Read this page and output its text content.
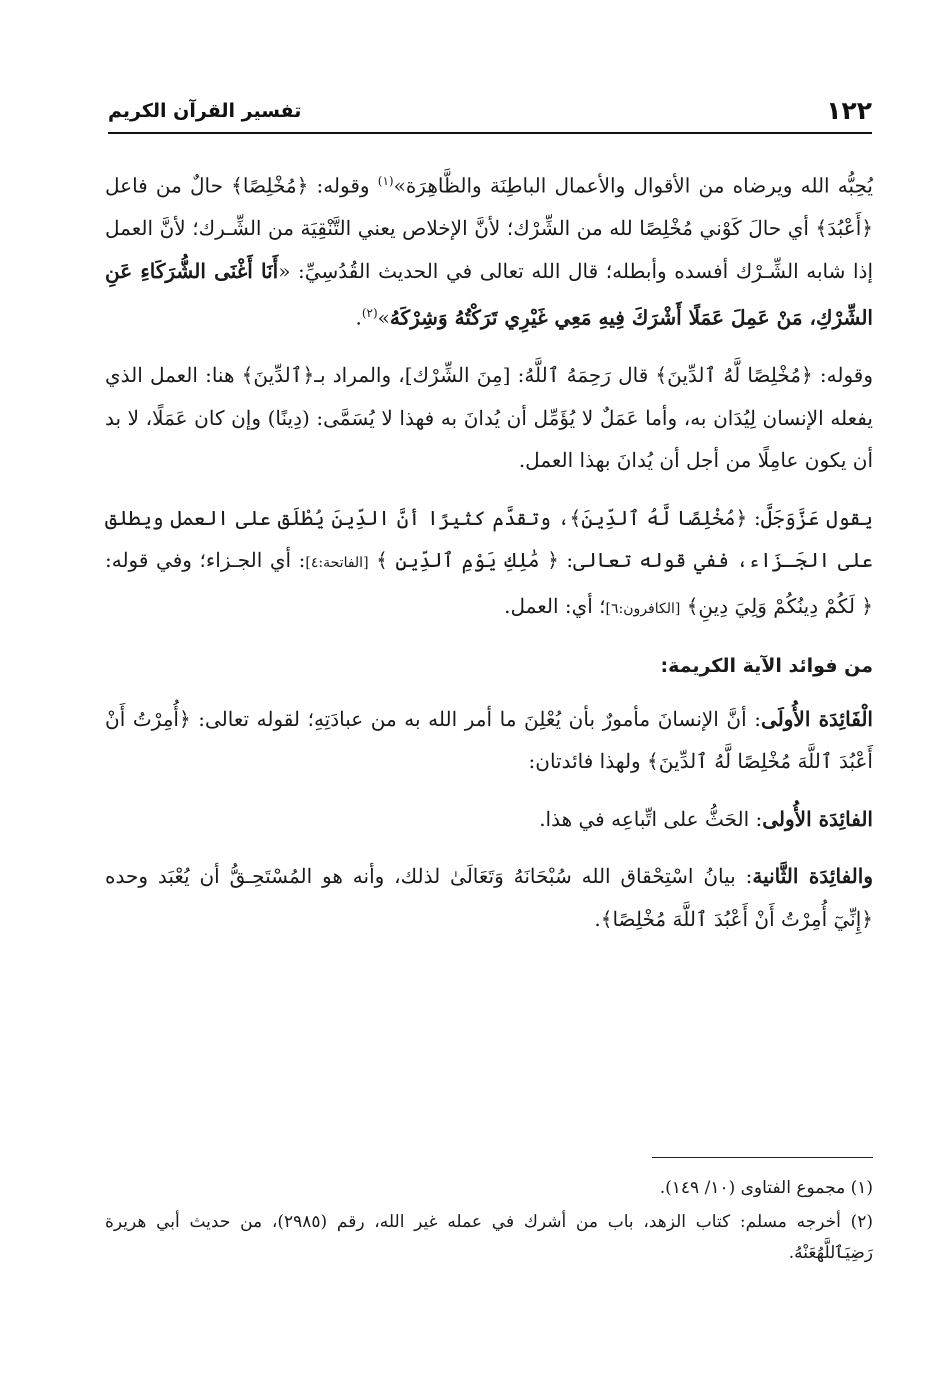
١٢٢
تفسير القرآن الكريم

يُحِبُّه الله ويرضاه من الأقوال والأعمال الباطِنَة والظَّاهِرَة»$^{(١)}$ وقوله: ﴿مُخْلِصًا﴾ حالٌ من فاعل ﴿أَعْبُدَ﴾ أي حالَ كَوْني مُخْلِصًا لله من الشِّرْك؛ لأنَّ الإخلاص يعني التَّنْقِيَة من الشِّـرك؛ لأنَّ العمل إذا شابه الشِّـرْك أفسده وأبطله؛ قال الله تعالى في الحديث القُدُسِيِّ: «أَنَا أَغْنَى الشُّرَكَاءِ عَنِ الشِّرْكِ، مَنْ عَمِلَ عَمَلًا أَشْرَكَ فِيهِ مَعِي غَيْرِي تَرَكْتُهُ وَشِرْكَهُ»$^{(٢)}$.

وقوله: ﴿مُخْلِصًا لَّهُ ٱلدِّينَ﴾ قال رَحِمَهُ ٱللَّهُ: [مِنَ الشِّرْك]، والمراد بـ﴿ٱلدِّينَ﴾ هنا: العمل الذي يفعله الإنسان لِيُدَان به، وأما عَمَلٌ لا يُؤَمِّل أن يُدانَ به فهذا لا يُسَمَّى: (دِينًا) وإن كان عَمَلًا، لا بد أن يكون عامِلًا من أجل أن يُدانَ بهذا العمل.

يقول عَزَّوَجَلَّ: ﴿مُخْلِصًا لَّهُ ٱلدِّينَ﴾، وتقدَّم كثيرًا أنَّ الدِّينَ يُطْلَق على العمل ويطلق على الجَـزَاء، ففي قوله تعالى: ﴿ مَٰلِكِ يَوْمِ ٱلدِّينِ ﴾ [الفاتحة:٤]: أي الجـزاء؛ وفي قوله: ﴿ لَكُمْ دِينُكُمْ وَلِيَ دِينِ﴾ [الكافرون:٦]؛ أي: العمل.

من فوائد الآية الكريمة:

الْفَائِدَة الأُولَى: أنَّ الإنسانَ مأمورٌ بأن يُعْلِنَ ما أمر الله به من عبادَتِهِ؛ لقوله تعالى: ﴿أُمِرْتُ أَنْ أَعْبُدَ ٱللَّهَ مُخْلِصًا لَّهُ ٱلدِّينَ﴾ ولهذا فائدتان:

الفائِدَة الأُولى: الحَثُّ على اتِّباعِه في هذا.

والفائِدَة الثَّانية: بيانُ اسْتِحْقاق الله سُبْحَانَهُ وَتَعَالَىٰ لذلك، وأنه هو المُسْتَحِـقُّ أن يُعْبَد وحده ﴿إِنِّيٓ أُمِرْتُ أَنْ أَعْبُدَ ٱللَّهَ مُخْلِصًا﴾.

(١) مجموع الفتاوى (١٠/ ١٤٩).

(٢) أخرجه مسلم: كتاب الزهد، باب من أشرك في عمله غير الله، رقم (٢٩٨٥)، من حديث أبي هريرة رَضِيَٱللَّهُعَنْهُ.
